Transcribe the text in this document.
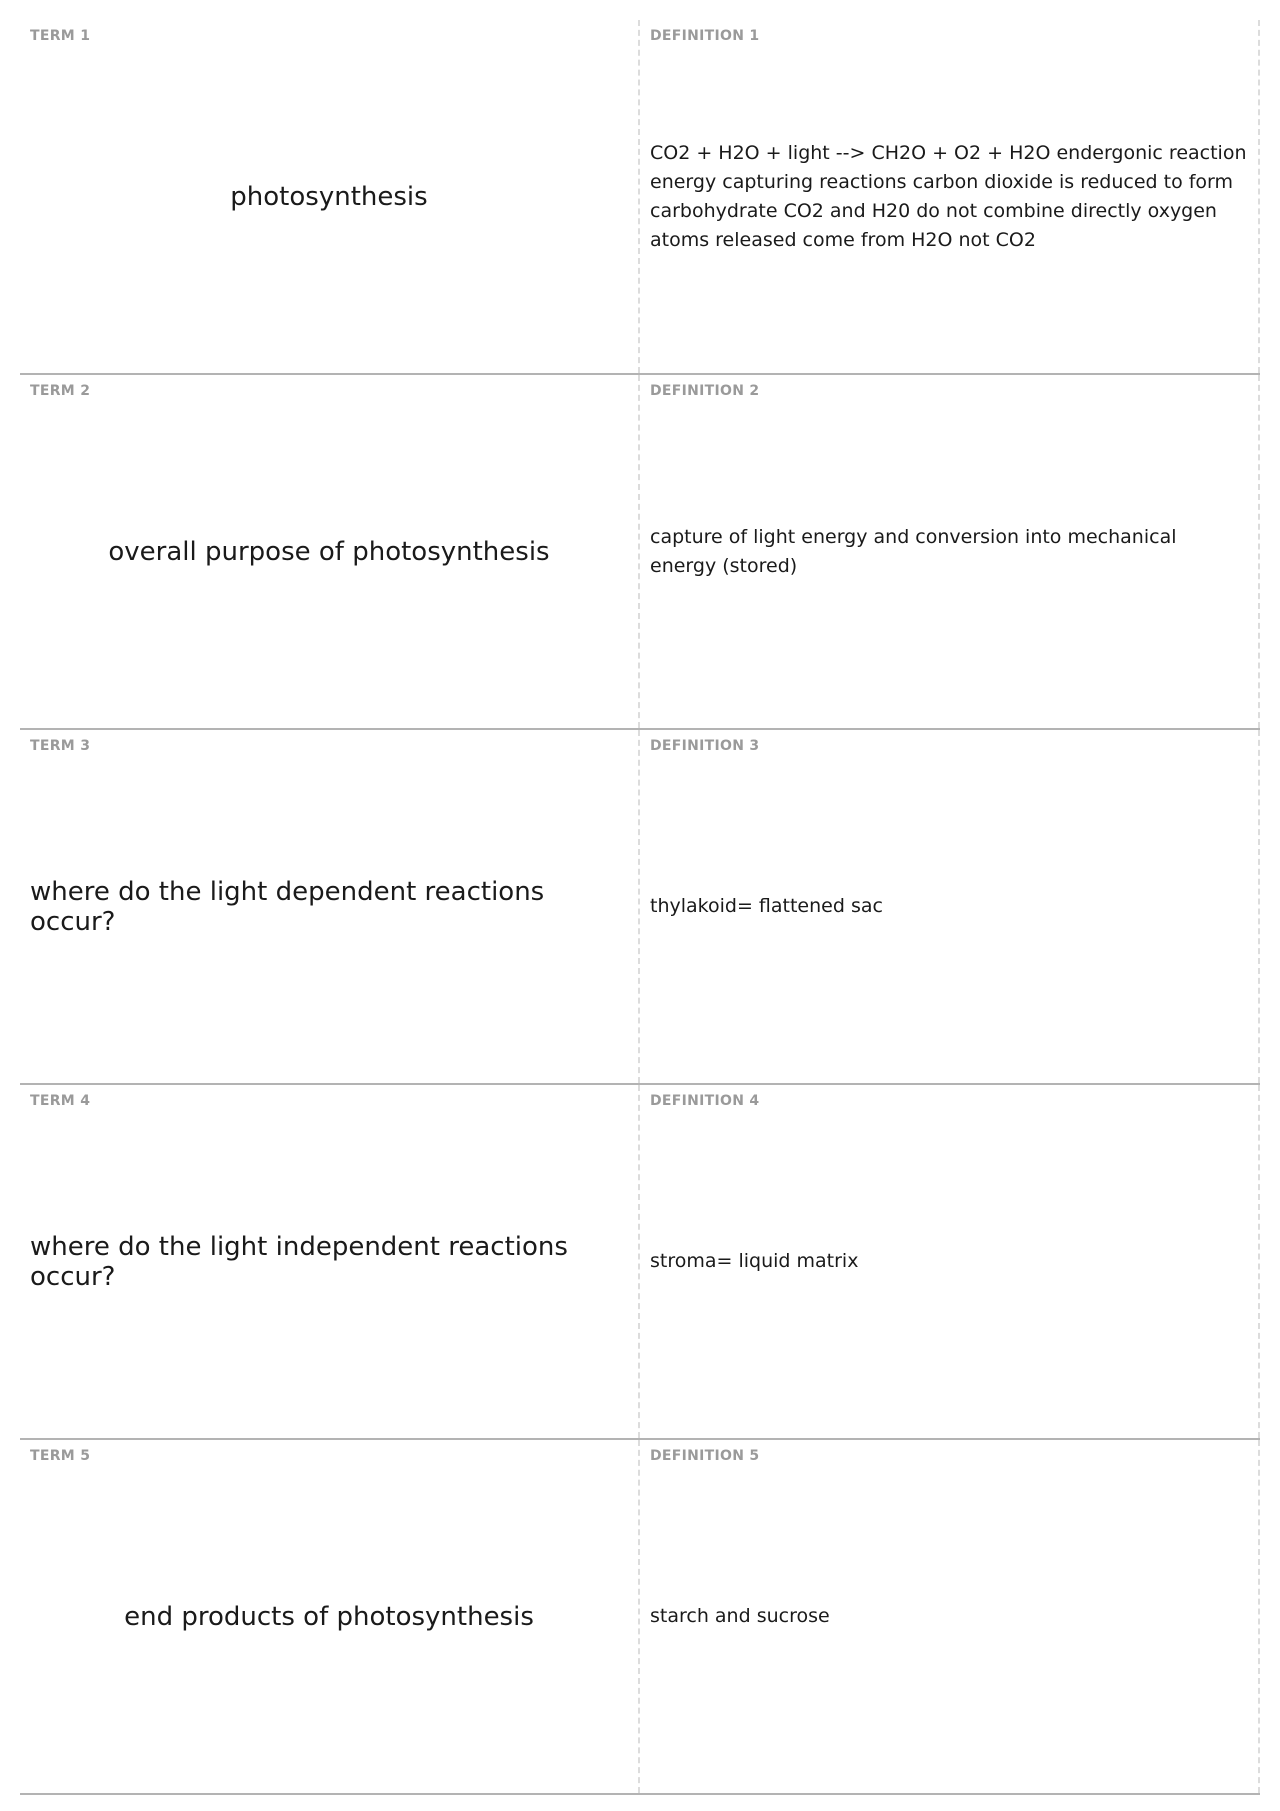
TERM 1
photosynthesis
DEFINITION 1
CO2 + H2O + light --> CH2O + O2 + H2O endergonic reaction energy capturing reactions carbon dioxide is reduced to form carbohydrate CO2 and H20 do not combine directly oxygen atoms released come from H2O not CO2
TERM 2
overall purpose of photosynthesis
DEFINITION 2
capture of light energy and conversion into mechanical energy (stored)
TERM 3
where do the light dependent reactions occur?
DEFINITION 3
thylakoid= flattened sac
TERM 4
where do the light independent reactions occur?
DEFINITION 4
stroma= liquid matrix
TERM 5
end products of photosynthesis
DEFINITION 5
starch and sucrose
